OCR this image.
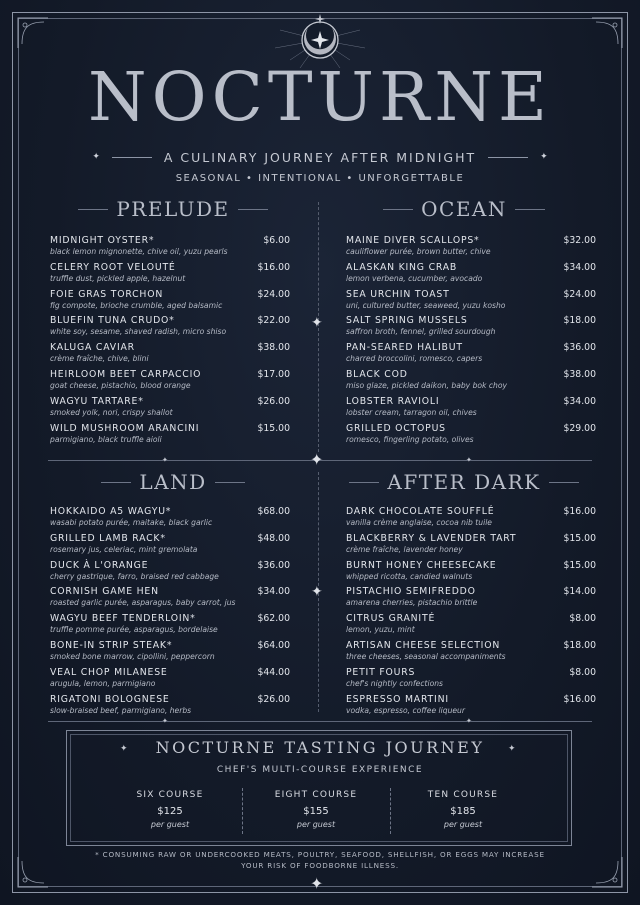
NOCTURNE
✦	A CULINARY JOURNEY AFTER MIDNIGHT	✦
SEASONAL • INTENTIONAL • UNFORGETTABLE
✦
✦
PRELUDE
MIDNIGHT OYSTER*
black lemon mignonette, chive oil, yuzu pearls
$6.00
CELERY ROOT VELOUTÉ
truffle dust, pickled apple, hazelnut
$16.00
FOIE GRAS TORCHON
fig compote, brioche crumble, aged balsamic
$24.00
BLUEFIN TUNA CRUDO*
white soy, sesame, shaved radish, micro shiso
$22.00
KALUGA CAVIAR
crème fraîche, chive, blini
$38.00
HEIRLOOM BEET CARPACCIO
goat cheese, pistachio, blood orange
$17.00
WAGYU TARTARE*
smoked yolk, nori, crispy shallot
$26.00
WILD MUSHROOM ARANCINI
parmigiano, black truffle aioli
$15.00
OCEAN
MAINE DIVER SCALLOPS*
cauliflower purée, brown butter, chive
$32.00
ALASKAN KING CRAB
lemon verbena, cucumber, avocado
$34.00
SEA URCHIN TOAST
uni, cultured butter, seaweed, yuzu kosho
$24.00
SALT SPRING MUSSELS
saffron broth, fennel, grilled sourdough
$18.00
PAN-SEARED HALIBUT
charred broccolini, romesco, capers
$36.00
BLACK COD
miso glaze, pickled daikon, baby bok choy
$38.00
LOBSTER RAVIOLI
lobster cream, tarragon oil, chives
$34.00
GRILLED OCTOPUS
romesco, fingerling potato, olives
$29.00
✦
✦	✦
LAND
HOKKAIDO A5 WAGYU*
wasabi potato purée, maitake, black garlic
$68.00
GRILLED LAMB RACK*
rosemary jus, celeriac, mint gremolata
$48.00
DUCK À L'ORANGE
cherry gastrique, farro, braised red cabbage
$36.00
CORNISH GAME HEN
roasted garlic purée, asparagus, baby carrot, jus
$34.00
WAGYU BEEF TENDERLOIN*
truffle pomme purée, asparagus, bordelaise
$62.00
BONE-IN STRIP STEAK*
smoked bone marrow, cipollini, peppercorn
$64.00
VEAL CHOP MILANESE
arugula, lemon, parmigiano
$44.00
RIGATONI BOLOGNESE
slow-braised beef, parmigiano, herbs
$26.00
AFTER DARK
DARK CHOCOLATE SOUFFLÉ
vanilla crème anglaise, cocoa nib tuile
$16.00
BLACKBERRY & LAVENDER TART
crème fraîche, lavender honey
$15.00
BURNT HONEY CHEESECAKE
whipped ricotta, candied walnuts
$15.00
PISTACHIO SEMIFREDDO
amarena cherries, pistachio brittle
$14.00
CITRUS GRANITÉ
lemon, yuzu, mint
$8.00
ARTISAN CHEESE SELECTION
three cheeses, seasonal accompaniments
$18.00
PETIT FOURS
chef's nightly confections
$8.00
ESPRESSO MARTINI
vodka, espresso, coffee liqueur
$16.00
✦	✦
✦	✦
NOCTURNE TASTING JOURNEY
CHEF'S MULTI-COURSE EXPERIENCE
SIX COURSE
$125
per guest
EIGHT COURSE
$155
per guest
TEN COURSE
$185
per guest
* CONSUMING RAW OR UNDERCOOKED MEATS, POULTRY, SEAFOOD, SHELLFISH, OR EGGS MAY INCREASE
YOUR RISK OF FOODBORNE ILLNESS.
✦
